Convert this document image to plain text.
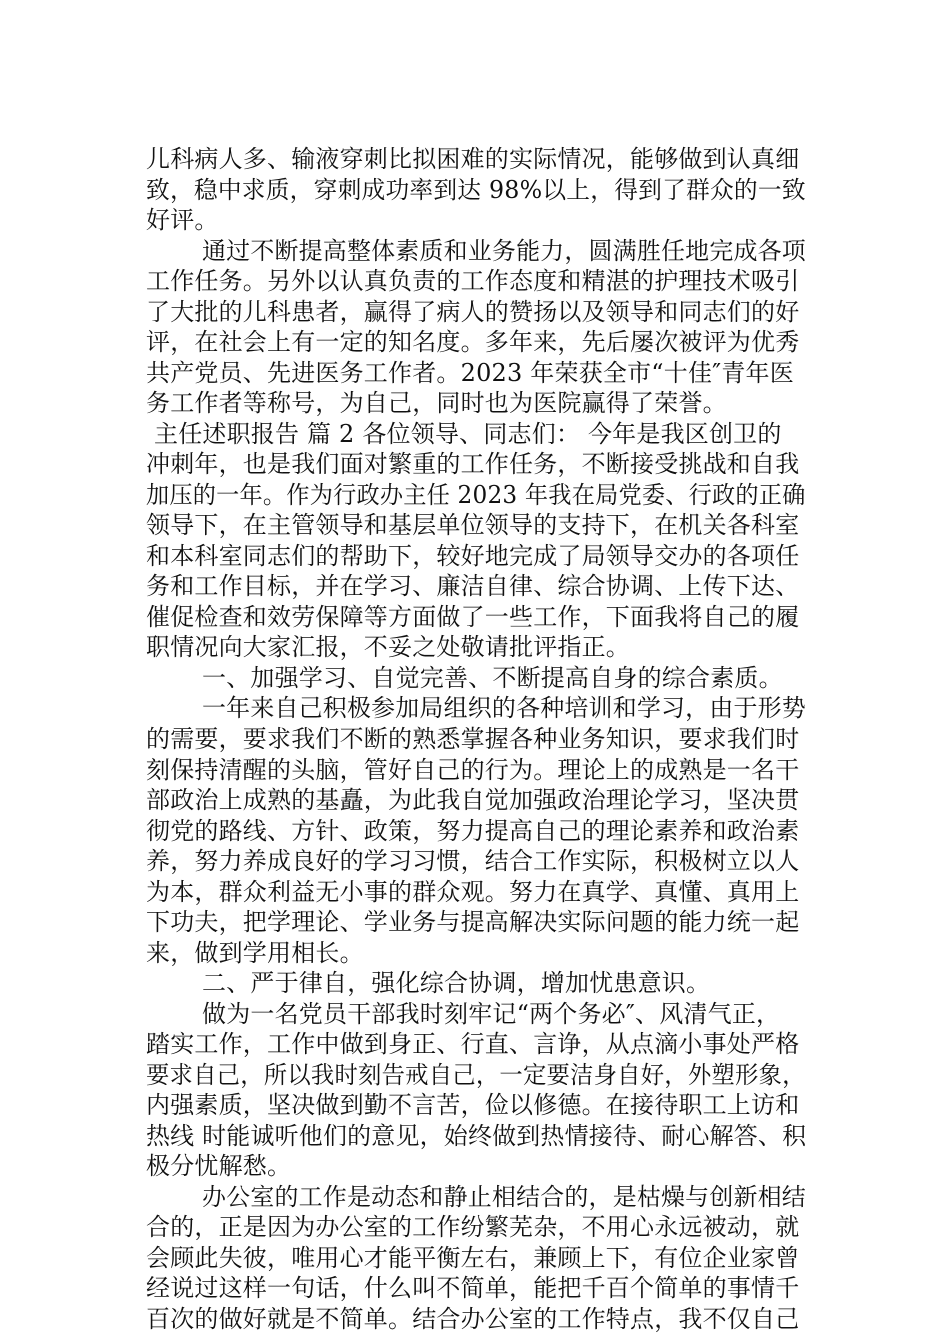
儿科病人多、输液穿刺比拟困难的实际情况，能够做到认真细
致，稳中求质，穿刺成功率到达 98%以上，得到了群众的一致
好评。
通过不断提高整体素质和业务能力，圆满胜任地完成各项
工作任务。另外以认真负责的工作态度和精湛的护理技术吸引
了大批的儿科患者，赢得了病人的赞扬以及领导和同志们的好
评，在社会上有一定的知名度。多年来，先后屡次被评为优秀
共产党员、先进医务工作者。2023 年荣获全市“十佳″青年医
务工作者等称号，为自己，同时也为医院赢得了荣誉。
主任述职报告 篇 2 各位领导、同志们： 今年是我区创卫的
冲刺年，也是我们面对繁重的工作任务，不断接受挑战和自我
加压的一年。作为行政办主任 2023 年我在局党委、行政的正确
领导下，在主管领导和基层单位领导的支持下，在机关各科室
和本科室同志们的帮助下，较好地完成了局领导交办的各项任
务和工作目标，并在学习、廉洁自律、综合协调、上传下达、
催促检查和效劳保障等方面做了一些工作，下面我将自己的履
职情况向大家汇报，不妥之处敬请批评指正。
一、加强学习、自觉完善、不断提高自身的综合素质。
一年来自己积极参加局组织的各种培训和学习，由于形势
的需要，要求我们不断的熟悉掌握各种业务知识，要求我们时
刻保持清醒的头脑，管好自己的行为。理论上的成熟是一名干
部政治上成熟的基矗，为此我自觉加强政治理论学习，坚决贯
彻党的路线、方针、政策，努力提高自己的理论素养和政治素
养，努力养成良好的学习习惯，结合工作实际，积极树立以人
为本，群众利益无小事的群众观。努力在真学、真懂、真用上
下功夫，把学理论、学业务与提高解决实际问题的能力统一起
来，做到学用相长。
二、严于律自，强化综合协调，增加忧患意识。
做为一名党员干部我时刻牢记“两个务必″、风清气正，
踏实工作，工作中做到身正、行直、言诤，从点滴小事处严格
要求自己，所以我时刻告戒自己，一定要洁身自好，外塑形象，
内强素质，坚决做到勤不言苦，俭以修德。在接待职工上访和
热线 时能诚听他们的意见，始终做到热情接待、耐心解答、积
极分忧解愁。
办公室的工作是动态和静止相结合的，是枯燥与创新相结
合的，正是因为办公室的工作纷繁芜杂，不用心永远被动，就
会顾此失彼，唯用心才能平衡左右，兼顾上下，有位企业家曾
经说过这样一句话，什么叫不简单，能把千百个简单的事情千
百次的做好就是不简单。结合办公室的工作特点，我不仅自己
